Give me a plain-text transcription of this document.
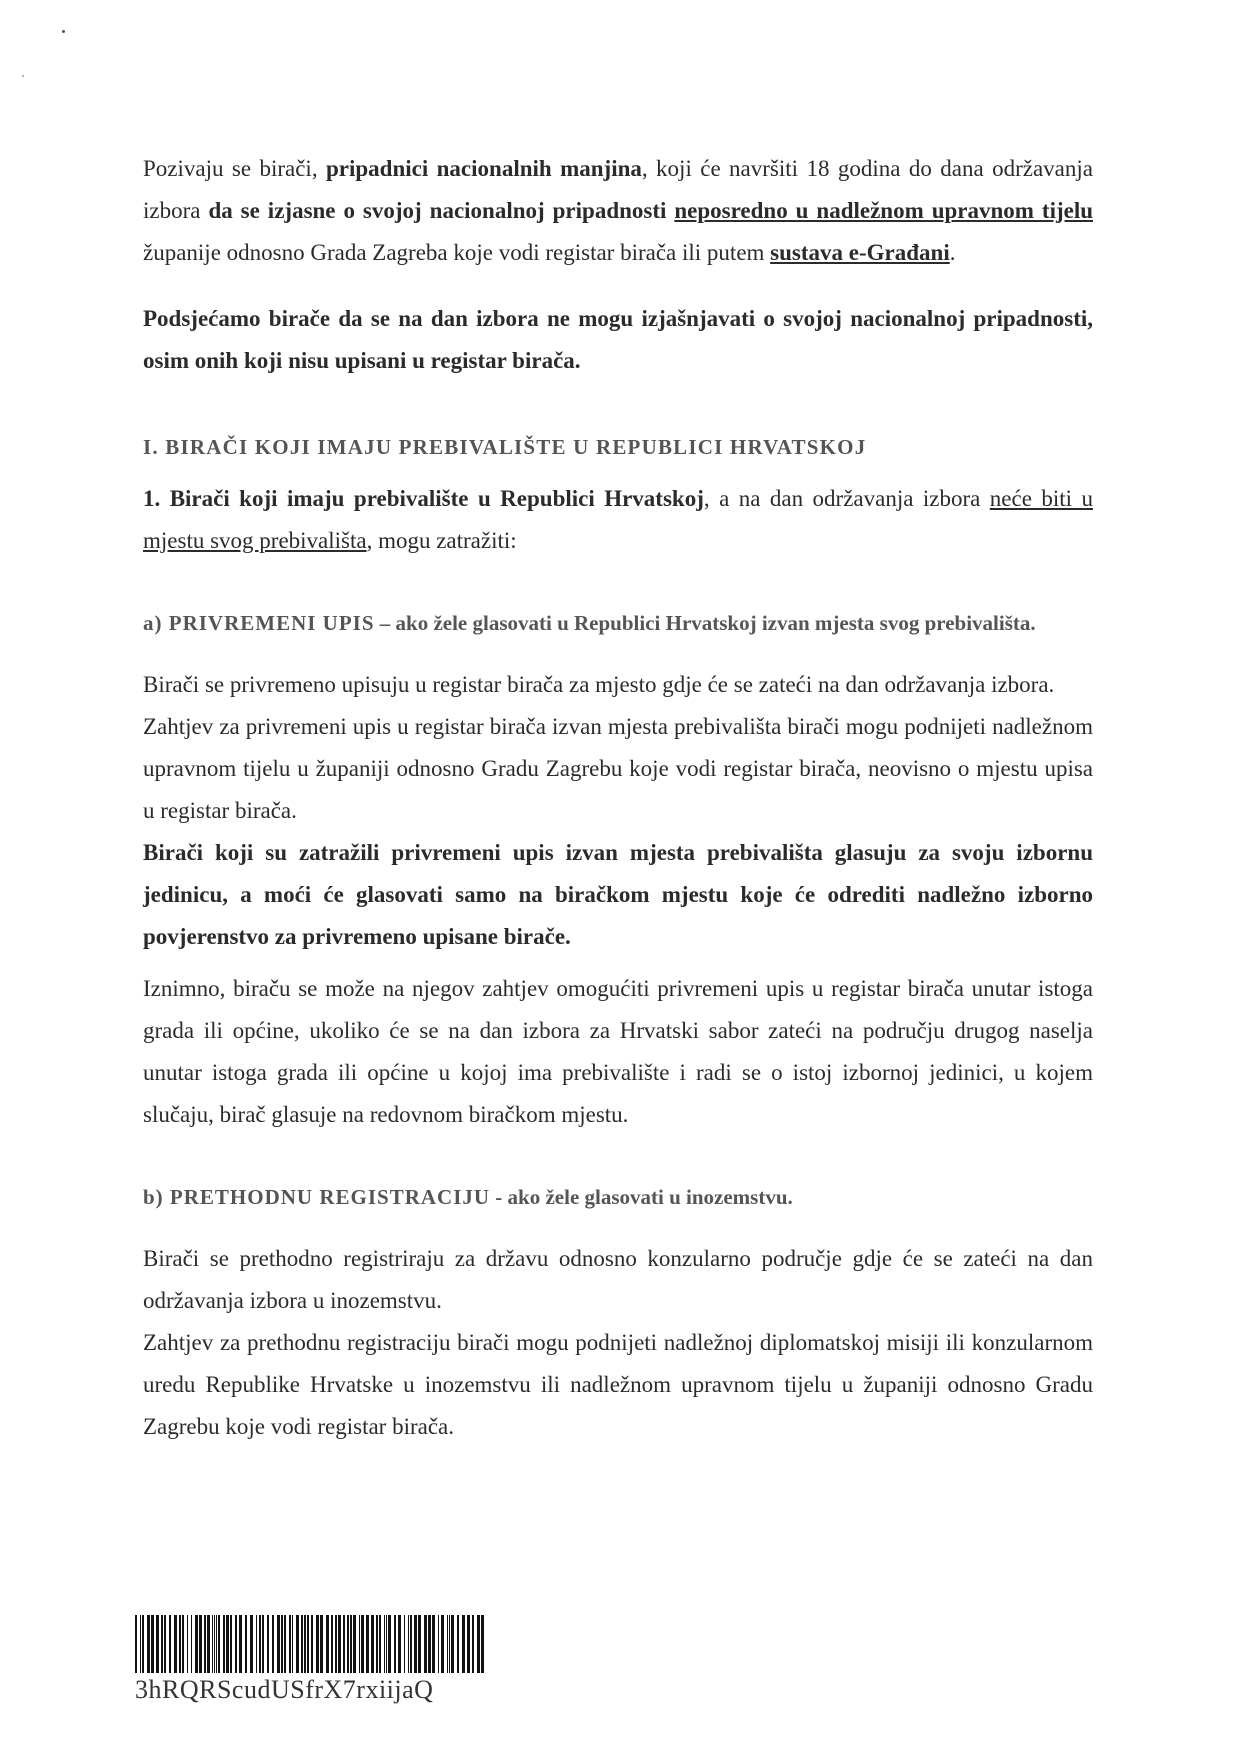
Pozivaju se birači, pripadnici nacionalnih manjina, koji će navršiti 18 godina do dana održavanja izbora da se izjasne o svojoj nacionalnoj pripadnosti neposredno u nadležnom upravnom tijelu županije odnosno Grada Zagreba koje vodi registar birača ili putem sustava e-Građani.

Podsjećamo birače da se na dan izbora ne mogu izjašnjavati o svojoj nacionalnoj pripadnosti, osim onih koji nisu upisani u registar birača.

I. BIRAČI KOJI IMAJU PREBIVALIŠTE U REPUBLICI HRVATSKOJ

1. Birači koji imaju prebivalište u Republici Hrvatskoj, a na dan održavanja izbora neće biti u mjestu svog prebivališta, mogu zatražiti:

a) PRIVREMENI UPIS – ako žele glasovati u Republici Hrvatskoj izvan mjesta svog prebivališta.

Birači se privremeno upisuju u registar birača za mjesto gdje će se zateći na dan održavanja izbora.

Zahtjev za privremeni upis u registar birača izvan mjesta prebivališta birači mogu podnijeti nadležnom upravnom tijelu u županiji odnosno Gradu Zagrebu koje vodi registar birača, neovisno o mjestu upisa u registar birača.

Birači koji su zatražili privremeni upis izvan mjesta prebivališta glasuju za svoju izbornu jedinicu, a moći će glasovati samo na biračkom mjestu koje će odrediti nadležno izborno povjerenstvo za privremeno upisane birače.

Iznimno, biraču se može na njegov zahtjev omogućiti privremeni upis u registar birača unutar istoga grada ili općine, ukoliko će se na dan izbora za Hrvatski sabor zateći na području drugog naselja unutar istoga grada ili općine u kojoj ima prebivalište i radi se o istoj izbornoj jedinici, u kojem slučaju, birač glasuje na redovnom biračkom mjestu.

b) PRETHODNU REGISTRACIJU - ako žele glasovati u inozemstvu.

Birači se prethodno registriraju za državu odnosno konzularno područje gdje će se zateći na dan održavanja izbora u inozemstvu.

Zahtjev za prethodnu registraciju birači mogu podnijeti nadležnoj diplomatskoj misiji ili konzularnom uredu Republike Hrvatske u inozemstvu ili nadležnom upravnom tijelu u županiji odnosno Gradu Zagrebu koje vodi registar birača.

3hRQRScudUSfrX7rxiijaQ
